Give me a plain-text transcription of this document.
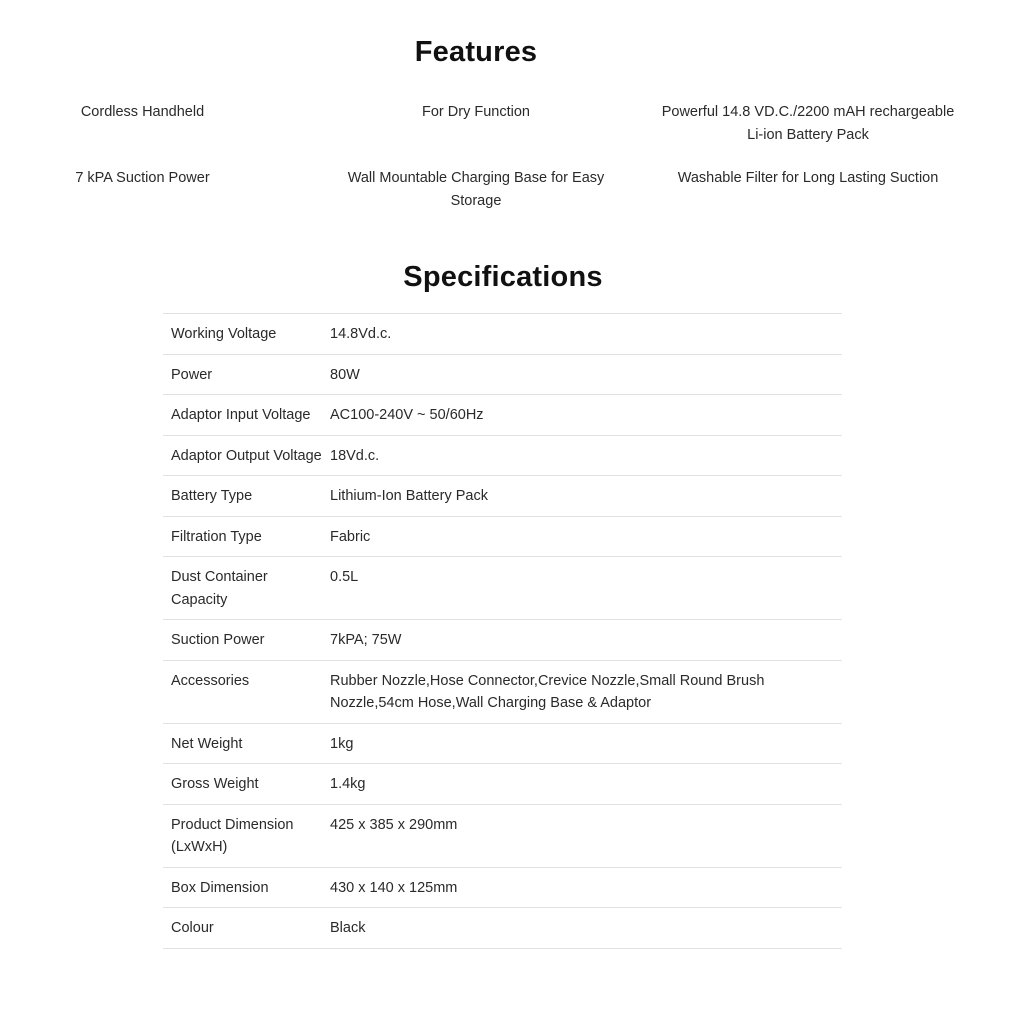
Features
Cordless Handheld	For Dry Function	Powerful 14.8 VD.C./2200 mAH rechargeable Li-ion Battery Pack
7 kPA Suction Power	Wall Mountable Charging Base for Easy Storage
Washable Filter for Long Lasting Suction
Specifications
Working Voltage	14.8Vd.c.
Power	80W
Adaptor Input Voltage	AC100-240V ~ 50/60Hz
Adaptor Output Voltage	18Vd.c.
Battery Type	Lithium-Ion Battery Pack
Filtration Type	Fabric
Dust Container Capacity	0.5L
Suction Power	7kPA; 75W
Accessories	Rubber Nozzle,Hose Connector,Crevice Nozzle,Small Round Brush Nozzle,54cm Hose,Wall Charging Base & Adaptor
Net Weight	1kg
Gross Weight	1.4kg
Product Dimension (LxWxH)	425 x 385 x 290mm
Box Dimension	430 x 140 x 125mm
Colour	Black
